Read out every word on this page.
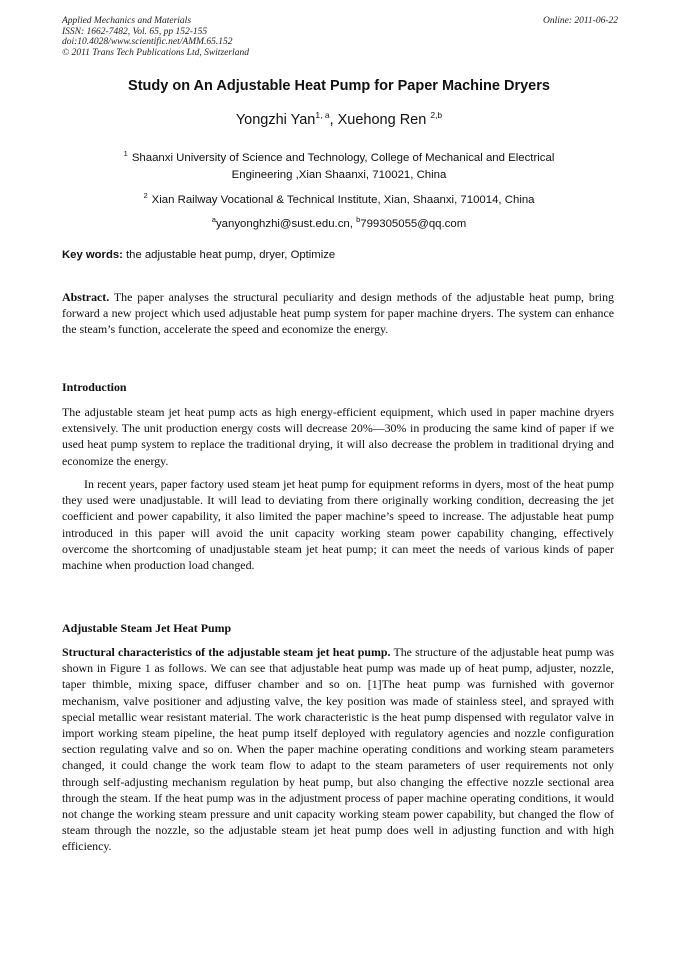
Applied Mechanics and Materials
ISSN: 1662-7482, Vol. 65, pp 152-155
doi:10.4028/www.scientific.net/AMM.65.152
© 2011 Trans Tech Publications Ltd, Switzerland
Online: 2011-06-22
Study on An Adjustable Heat Pump for Paper Machine Dryers
Yongzhi Yan$^{1, a}$, Xuehong Ren $^{2,b}$
$^1$ Shaanxi University of Science and Technology, College of Mechanical and Electrical
Engineering ,Xian Shaanxi, 710021, China
$^2$ Xian Railway Vocational & Technical Institute, Xian, Shaanxi, 710014, China
$^a$yanyonghzhi@sust.edu.cn, $^b$799305055@qq.com
Key words: the adjustable heat pump, dryer, Optimize

Abstract. The paper analyses the structural peculiarity and design methods of the adjustable heat pump, bring forward a new project which used adjustable heat pump system for paper machine dryers. The system can enhance the steam’s function, accelerate the speed and economize the energy.

Introduction

The adjustable steam jet heat pump acts as high energy-efficient equipment, which used in paper machine dryers extensively. The unit production energy costs will decrease 20%—30% in producing the same kind of paper if we used heat pump system to replace the traditional drying, it will also decrease the problem in traditional drying and economize the energy.

In recent years, paper factory used steam jet heat pump for equipment reforms in dyers, most of the heat pump they used were unadjustable. It will lead to deviating from there originally working condition, decreasing the jet coefficient and power capability, it also limited the paper machine’s speed to increase. The adjustable heat pump introduced in this paper will avoid the unit capacity working steam power capability changing, effectively overcome the shortcoming of unadjustable steam jet heat pump; it can meet the needs of various kinds of paper machine when production load changed.

Adjustable Steam Jet Heat Pump

Structural characteristics of the adjustable steam jet heat pump. The structure of the adjustable heat pump was shown in Figure 1 as follows. We can see that adjustable heat pump was made up of heat pump, adjuster, nozzle, taper thimble, mixing space, diffuser chamber and so on. [1]The heat pump was furnished with governor mechanism, valve positioner and adjusting valve, the key position was made of stainless steel, and sprayed with special metallic wear resistant material. The work characteristic is the heat pump dispensed with regulator valve in import working steam pipeline, the heat pump itself deployed with regulatory agencies and nozzle configuration section regulating valve and so on. When the paper machine operating conditions and working steam parameters changed, it could change the work team flow to adapt to the steam parameters of user requirements not only through self-adjusting mechanism regulation by heat pump, but also changing the effective nozzle sectional area through the steam. If the heat pump was in the adjustment process of paper machine operating conditions, it would not change the working steam pressure and unit capacity working steam power capability, but changed the flow of steam through the nozzle, so the adjustable steam jet heat pump does well in adjusting function and with high efficiency.
